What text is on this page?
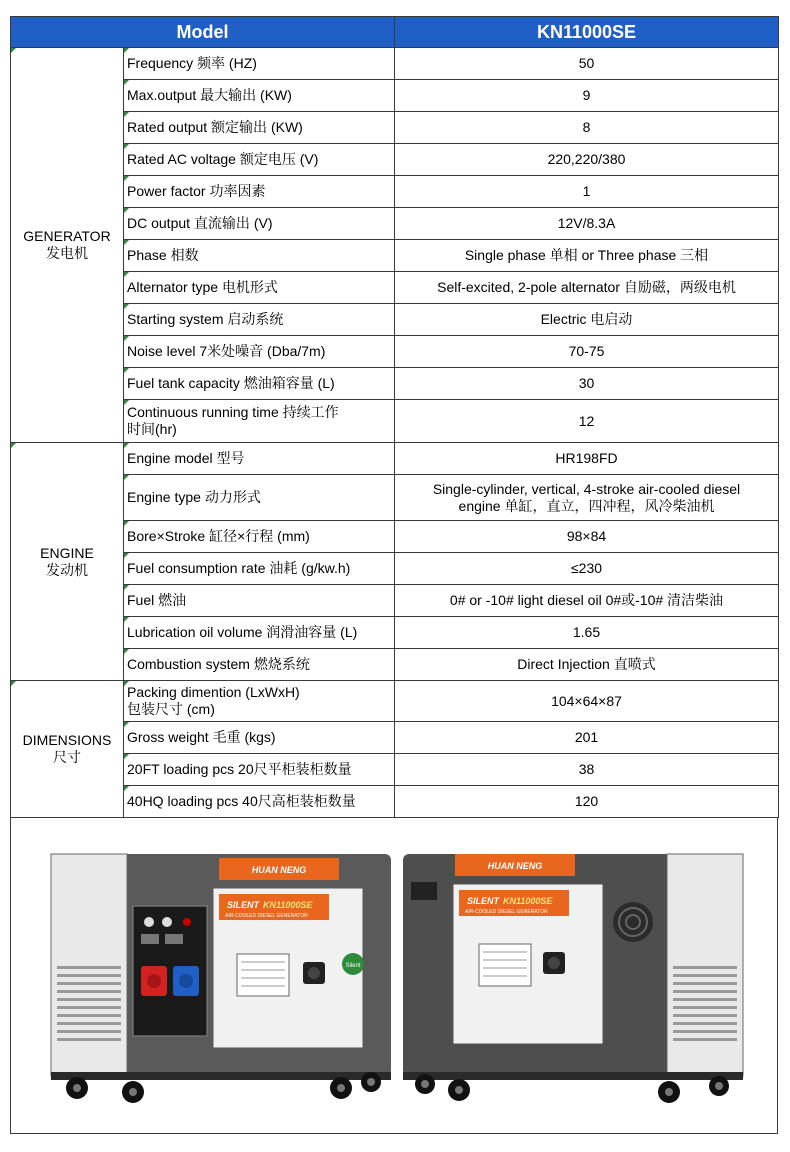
Model		KN11000SE
GENERATOR
发电机	Frequency 频率 (HZ)	50
	Max.output 最大输出 (KW)	9
	Rated output 额定输出 (KW)	8
	Rated AC voltage 额定电压 (V)	220,220/380
	Power factor 功率因素	1
	DC output 直流输出 (V)	12V/8.3A
	Phase 相数	Single phase 单相 or Three phase 三相
	Alternator type 电机形式	Self-excited, 2-pole alternator 自励磁，两级电机
	Starting system 启动系统	Electric 电启动
	Noise level 7米处噪音 (Dba/7m)	70-75
	Fuel tank capacity 燃油箱容量 (L)	30
	Continuous running time 持续工作
时间(hr)	12
ENGINE
发动机	Engine model 型号	HR198FD
	Engine type 动力形式	Single-cylinder, vertical, 4-stroke air-cooled diesel
engine 单缸，直立，四冲程，风冷柴油机
	Bore×Stroke 缸径×行程 (mm)	98×84
	Fuel consumption rate 油耗 (g/kw.h)	≤230
	Fuel 燃油	0# or -10# light diesel oil 0#或-10# 清洁柴油
	Lubrication oil volume 润滑油容量 (L)	1.65
	Combustion system 燃烧系统	Direct Injection 直喷式
DIMENSIONS
尺寸	Packing dimention (LxWxH)
包装尺寸 (cm)	104×64×87
	Gross weight 毛重 (kgs)	201
	20FT loading pcs 20尺平柜装柜数量	38
	40HQ loading pcs 40尺高柜装柜数量	120
HUAN NENG
SILENT KN11000SE
AIR-COOLED DIESEL GENERATOR
Silent
HUAN NENG
SILENT KN11000SE
AIR-COOLED DIESEL GENERATOR
